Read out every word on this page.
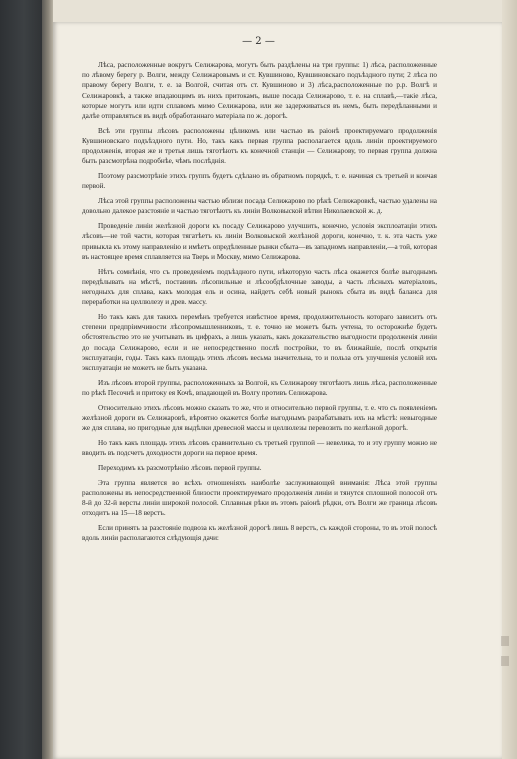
— 2 —

Лѣса, расположенные вокругъ Селижарова, могутъ быть раздѣлены на три группы: 1) лѣса, расположенные по лѣвому берегу р. Волги, между Селижаровымъ и ст. Кувшиново, Кувшиновскаго подъѣздного пути; 2 лѣса по правому берегу Волги, т. е. за Волгой, считая отъ ст. Кувшиново и 3) лѣса,расположенные по р.р. Волгѣ и Селижаровкѣ, а также впадающимъ въ нихъ притокамъ, выше посада Селижарово, т. е. на сплавѣ,—такіе лѣса, которые могутъ или идти сплавомъ мимо Селижарова, или же задерживаться въ немъ, быть передѣланными и далѣе отправляться въ видѣ обработаннаго матеріала по ж. дорогѣ.

Всѣ эти группы лѣсовъ расположены цѣликомъ или частью въ раіонѣ проектируемаго продолженія Кувшиновскаго подъѣздного пути. Но, такъ какъ первая группа располагается вдоль линіи проектируемого продолженія, вторая же и третья лишь тяготѣютъ къ конечной станціи — Селижарову, то первая группа должна быть разсмотрѣна подробнѣе, чѣмъ послѣднія.

Поэтому разсмотрѣніе этихъ группъ будетъ сдѣлано въ обратномъ порядкѣ, т. е. начиная съ третьей и кончая первой.

Лѣса этой группы расположены частью вблизи посада Селижарово по рѣкѣ Селижаровкѣ, частью удалены на довольно далекое разстояніе и частью тяготѣютъ къ линіи Волковыской вѣтви Николаевской ж. д.

Проведеніе линіи желѣзной дороги къ посаду Селижарово улучшить, конечно, условія эксплоатаціи этихъ лѣсовъ—не той части, которая тягатѣетъ къ линіи Волковыской желѣзной дороги, конечно, т. к. эта часть уже привыкла къ этому направленію и имѣетъ опредѣленные рынки сбыта—въ западномъ направленіи,—а той, которая въ настоящее время сплавляется на Тверь и Москву, мимо Селижарова.

Нѣтъ сомнѣнія, что съ проведеніемъ подъѣздного пути, нѣкоторую часть лѣса окажется болѣе выгоднымъ передѣлывать на мѣстѣ, поставивъ лѣсопильные и лѣсообдѣлочные заводы, а часть лѣсныхъ матеріаловъ, негодныхъ для сплава, какъ молодая ель и осина, найдетъ себѣ новый рынокъ сбыта въ видѣ баланса для переработки на целлюлезу и древ. массу.

Но такъ какъ для такихъ перемѣнъ требуется извѣстное время, продолжительность котораго зависитъ отъ степени предпріимчивости лѣсопромышленниковъ, т. е. точно не можетъ быть учтена, то осторожнѣе будетъ обстоятельство это не учитывать въ цифрахъ, а лишь указать, какъ доказательство выгодности продолженія линіи до посада Селижарово, если и не непосредственно послѣ постройки, то въ ближайшіе, послѣ открытія эксплуатаціи, годы. Такъ какъ площадь этихъ лѣсовъ весьма значительна, то и польза отъ улучшенія условій ихъ эксплуатаціи не можетъ не быть указана.

Изъ лѣсовъ второй группы, расположенныхъ за Волгой, къ Селижарову тяготѣютъ лишь лѣса, расположенные по рѣкѣ Песочнѣ и притоку ея Кочѣ, впадающей въ Волгу противъ Селижарова.

Относительно этихъ лѣсовъ можно сказать то же, что и относительно первой группы, т. е. что съ появленіемъ желѣзной дороги въ Селижаровѣ, вѣроятно окажется болѣе выгоднымъ разрабатывать ихъ на мѣстѣ: невыгодные же для сплава, но пригодные для выдѣлки древесной массы и целлюлезы перевозить по желѣзной дорогѣ.

Но такъ какъ площадь этихъ лѣсовъ сравнительно съ третьей группой — невелика, то и эту группу можно не вводить въ подсчетъ доходности дороги на первое время.

Переходимъ къ разсмотрѣнію лѣсовъ первой группы.

Эта группа является во всѣхъ отношеніяхъ наиболѣе заслуживающей вниманія: Лѣса этой группы расположены въ непосредственной близости проектируемаго продолженія линіи и тянутся сплошной полосой отъ 8-й до 32-й версты линіи широкой полосой. Сплавныя рѣки въ этомъ раіонѣ рѣдки, отъ Волги же граница лѣсовъ отходитъ на 15—18 верстъ.

Если принять за разстояніе подвоза къ желѣзной дорогѣ лишь 8 верстъ, съ каждой стороны, то въ этой полосѣ вдоль линіи располагаются слѣдующія дачи:
